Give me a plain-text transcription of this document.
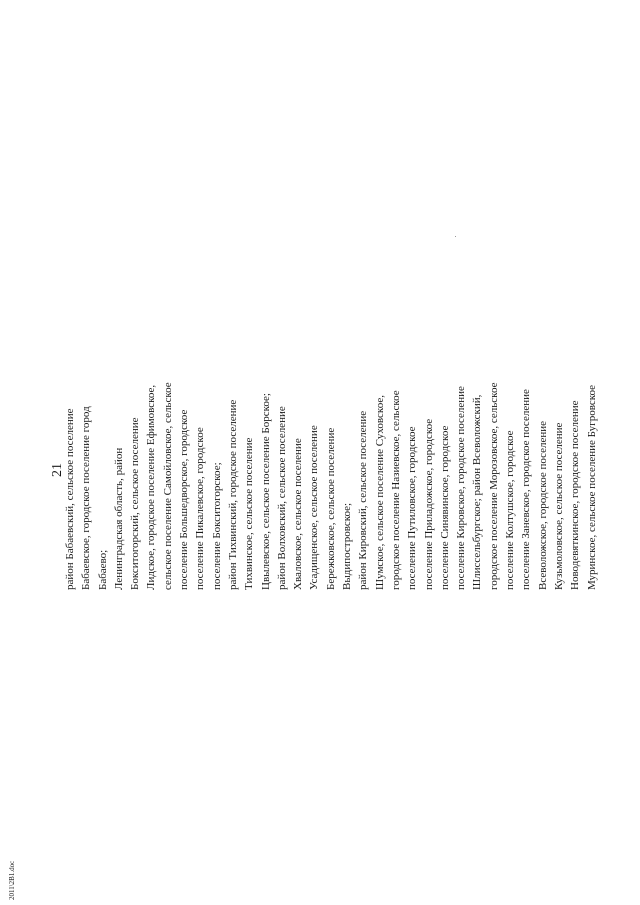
21 район Бабаевский, сельское поселение Бабаевское, городское поселение город Бабаево; Ленинградская область, район Бокситогорский, сельское поселение Лидское, городское поселение Ефимовское, сельское поселение Самойловское, сельское поселение Большедворское, городское поселение Пикалевское, городское поселение Бокситогорское; район Тихвинский, городское поселение Тихвинское, сельское поселение Цвылевское, сельское поселение Борское; район Волховский, сельское поселение Хваловское, сельское поселение Усадищенское, сельское поселение Бережковское, сельское поселение Выдипостровское; район Кировский, сельское поселение Шумское, сельское поселение Суховское, городское поселение Назиевское, сельское поселение Путиловское, городское поселение Приладожское, городское поселение Синявинское, городское поселение Кировское, городское поселение Шлиссельбургское; район Всеволожский, городское поселение Морозовское, сельское поселение Колтушское, городское поселение Заневское, городское поселение Всеволожское, городское поселение Кузьмоловское, сельское поселение Новодевяткинское, городское поселение Муринское, сельское поселение Бугровское
2011\2В1.doc
